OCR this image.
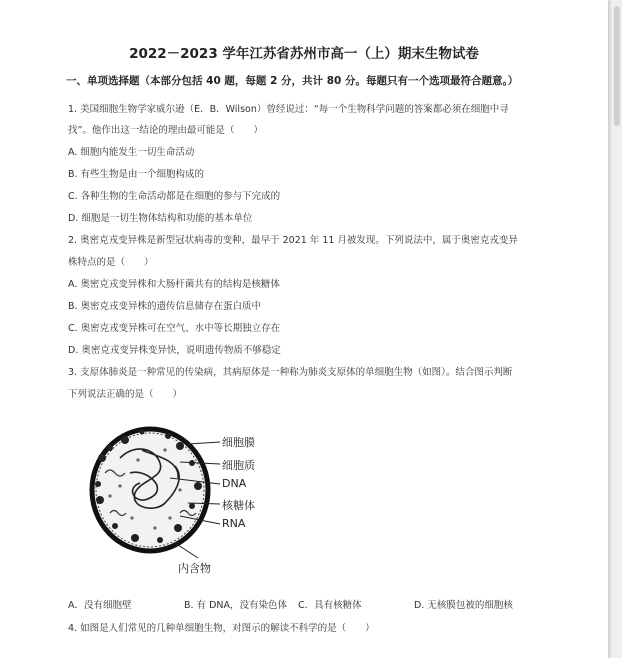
2022－2023 学年江苏省苏州市高一（上）期末生物试卷
一、单项选择题（本部分包括 40 题，每题 2 分，共计 80 分。每题只有一个选项最符合题意。）
1. 美国细胞生物学家威尔逊（E．B．Wilson）曾经说过：“每一个生物科学问题的答案都必须在细胞中寻
找”。他作出这一结论的理由最可能是（　　）
A. 细胞内能发生一切生命活动
B. 有些生物是由一个细胞构成的
C. 各种生物的生命活动都是在细胞的参与下完成的
D. 细胞是一切生物体结构和功能的基本单位
2. 奥密克戎变异株是新型冠状病毒的变种，最早于 2021 年 11 月被发现。下列说法中，属于奥密克戎变异
株特点的是（　　）
A. 奥密克戎变异株和大肠杆菌共有的结构是核糖体
B. 奥密克戎变异株的遗传信息储存在蛋白质中
C. 奥密克戎变异株可在空气、水中等长期独立存在
D. 奥密克戎变异株变异快，说明遗传物质不够稳定
3. 支原体肺炎是一种常见的传染病，其病原体是一种称为肺炎支原体的单细胞生物（如图）。结合图示判断
下列说法正确的是（　　）
细胞膜
细胞质
DNA
核糖体
RNA
内含物
A．没有细胞壁	B. 有 DNA，没有染色体 C．具有核糖体	D. 无核膜包被的细胞核
4. 如图是人们常见的几种单细胞生物，对图示的解读不科学的是（　　）
